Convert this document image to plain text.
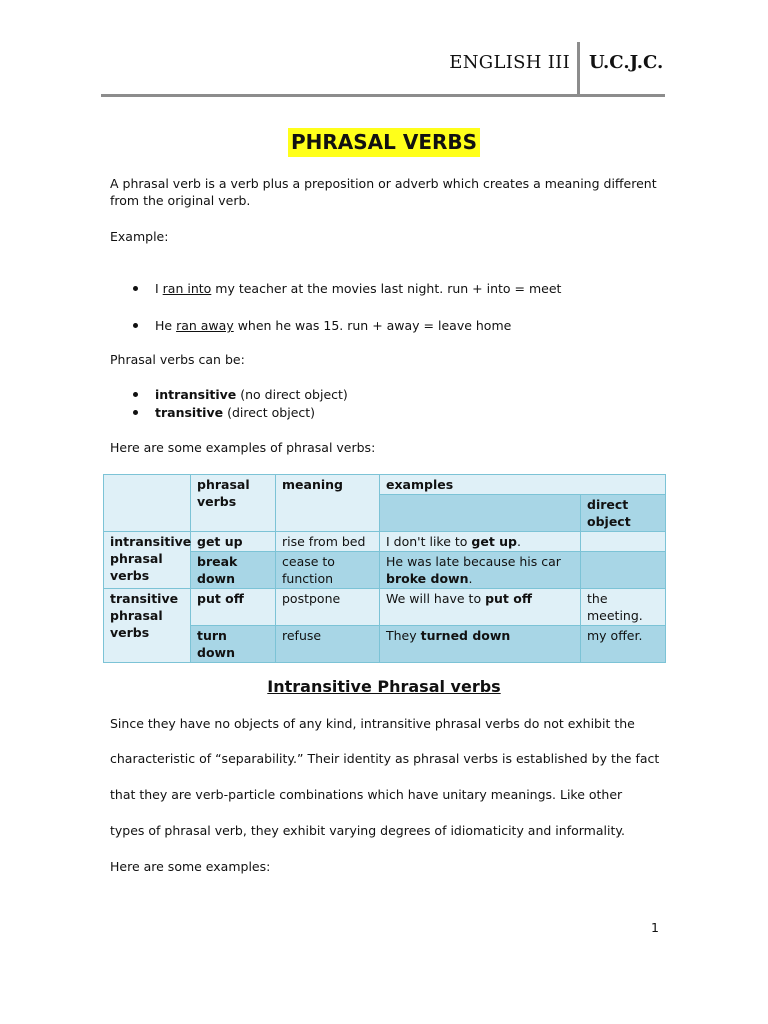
ENGLISH III U.C.J.C.
PHRASAL VERBS
A phrasal verb is a verb plus a preposition or adverb which creates a meaning different
from the original verb.
Example:
I ran into my teacher at the movies last night. run + into = meet
He ran away when he was 15. run + away = leave home
Phrasal verbs can be:
intransitive (no direct object)
transitive (direct object)
Here are some examples of phrasal verbs:
	phrasal verbs	meaning	examples	
				direct object
intransitive phrasal verbs	get up	rise from bed	I don't like to get up.	
	break down	cease to function	He was late because his car broke down.	
transitive phrasal verbs	put off	postpone	We will have to put off	the meeting.
	turn down	refuse	They turned down	my offer.
Intransitive Phrasal verbs
Since they have no objects of any kind, intransitive phrasal verbs do not exhibit the
characteristic of “separability.” Their identity as phrasal verbs is established by the fact
that they are verb-particle combinations which have unitary meanings. Like other
types of phrasal verb, they exhibit varying degrees of idiomaticity and informality.
Here are some examples:
1
